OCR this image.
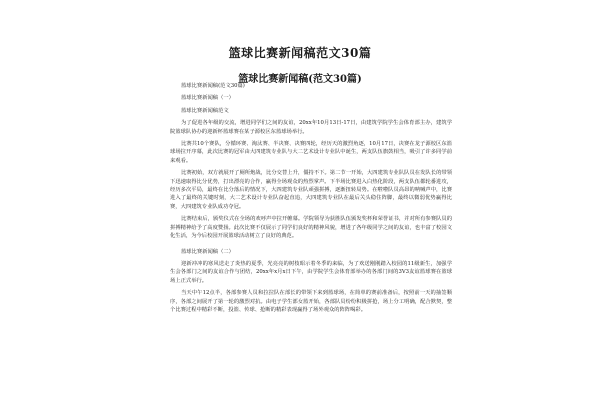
篮球比赛新闻稿范文30篇
篮球比赛新闻稿(范文30篇)
篮球比赛新闻稿(范文30篇)
篮球比赛新闻稿（一）
篮球比赛新闻稿范文

为了促进各年级的交流，增进同学们之间的友谊，20xx年10月13日-17日，由建筑学院学生会体育部主办，建筑学院篮球队协办的迎新杯篮球赛在某子源校区东篮球场举行。

比赛共10个赛队，分循环赛、淘汰赛、半决赛、决赛四轮，经历天的激烈角逐，10月17日，决赛在龙子源校区东篮球场拉开序幕，此次比赛的冠军由大四建筑专业队与大二艺术设计专业队中诞生，两支队伍旗鼓相当，吸引了许多同学前来观看。

比赛初始，双方就展开了厕所炮战，比分交替上升，僵持不下。第二节一开始，大四建筑专业队队员在发队长的带领下迅速取得比分优势，打出漂亮的合作，赢得全场观众的热烈掌声。下半场比赛进入白热化阶段，两支队伍都轮番进攻，经历多次平局，最终在比分落后的情况下，大四建筑专业队顽强拼搏，逐渐扭转局势。在啦啦队员高昂的呐喊声中，比赛进入了最终的关键时刻，大二艺术设计专业队奋起直追，大四建筑专业队在最后关头稳住阵脚，最终以微弱优势赢得比赛，大四建筑专业队成功夺冠。

比赛结束后，颁奖仪式在全场的欢呼声中拉开帷幕。学院领导为获胜队伍颁发奖杯和荣誉证书，并对所有参赛队员的拼搏精神给予了高度赞扬。此次比赛不仅展示了同学们良好的精神风貌，增进了各年级同学之间的友谊，也丰富了校园文化生活，为今后校园开展篮球活动树立了良好的典范。

篮球比赛新闻稿（二）

迎新冲冲的寒风送走了炎热的夏季，光亮亮的树枝昭示着冬季的来临，为了欢送刚刚踏入校园的11级新生，加强学生会各部门之间的友谊合作与团结，20xx年x月x日下午，由学院学生会体育部举办的各部门间的3V3友谊篮球赛在篮球场上正式举行。

当天中午12点半，各部参赛人员和拉拉队在部长的带领下来到篮球场，在简单的赛前准备后，按照前一天的抽签顺序，各部之间展开了第一轮的激烈对抗。由电子学生部女篮开始，各部队员纷纷积极拼抢，场上分工明确，配合默契，整个比赛过程中精彩不断，投篮、传球、抢断的精彩表现赢得了场外观众的阵阵喝彩。
